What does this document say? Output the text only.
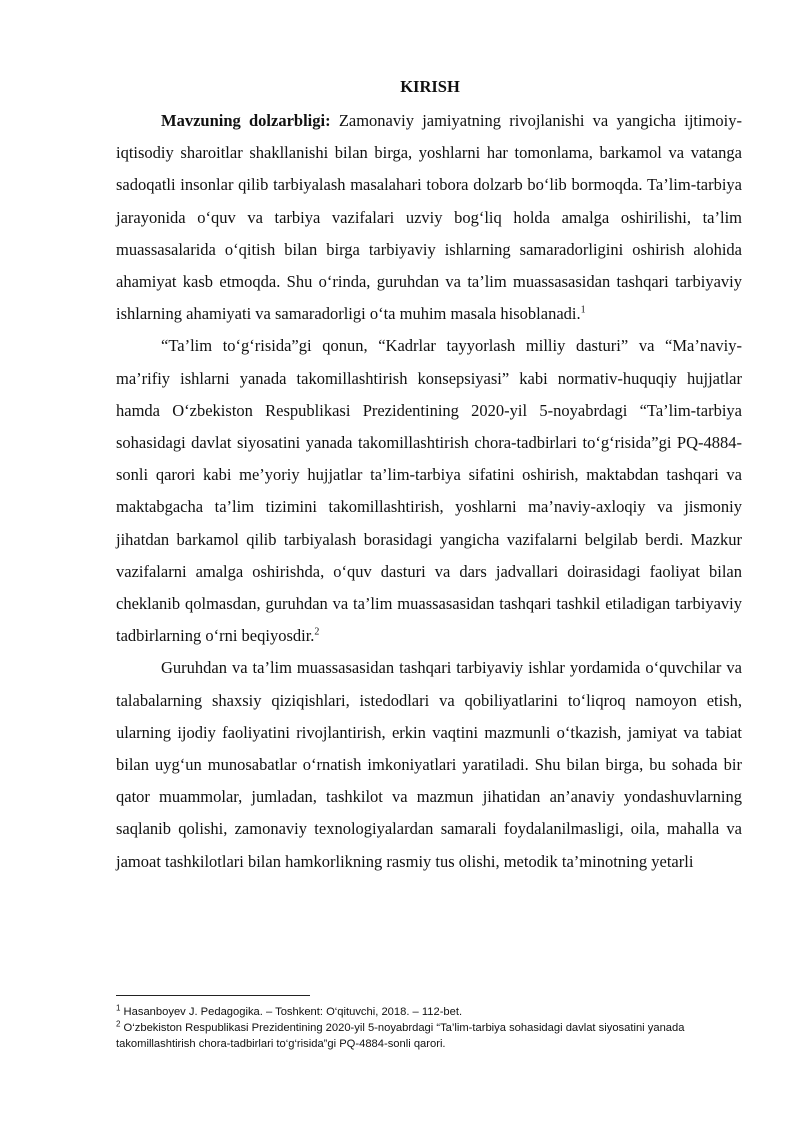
KIRISH

Mavzuning dolzarbligi: Zamonaviy jamiyatning rivojlanishi va yangicha ijtimoiy-iqtisodiy sharoitlar shakllanishi bilan birga, yoshlarni har tomonlama, barkamol va vatanga sadoqatli insonlar qilib tarbiyalash masalahari tobora dolzarb bo‘lib bormoqda. Ta’lim-tarbiya jarayonida o‘quv va tarbiya vazifalari uzviy bog‘liq holda amalga oshirilishi, ta’lim muassasalarida o‘qitish bilan birga tarbiyaviy ishlarning samaradorligini oshirish alohida ahamiyat kasb etmoqda. Shu o‘rinda, guruhdan va ta’lim muassasasidan tashqari tarbiyaviy ishlarning ahamiyati va samaradorligi o‘ta muhim masala hisoblanadi.$^1$

“Ta’lim to‘g‘risida”gi qonun, “Kadrlar tayyorlash milliy dasturi” va “Ma’naviy-ma’rifiy ishlarni yanada takomillashtirish konsepsiyasi” kabi normativ-huquqiy hujjatlar hamda O‘zbekiston Respublikasi Prezidentining 2020-yil 5-noyabrdagi “Ta’lim-tarbiya sohasidagi davlat siyosatini yanada takomillashtirish chora-tadbirlari to‘g‘risida”gi PQ-4884-sonli qarori kabi me’yoriy hujjatlar ta’lim-tarbiya sifatini oshirish, maktabdan tashqari va maktabgacha ta’lim tizimini takomillashtirish, yoshlarni ma’naviy-axloqiy va jismoniy jihatdan barkamol qilib tarbiyalash borasidagi yangicha vazifalarni belgilab berdi. Mazkur vazifalarni amalga oshirishda, o‘quv dasturi va dars jadvallari doirasidagi faoliyat bilan cheklanib qolmasdan, guruhdan va ta’lim muassasasidan tashqari tashkil etiladigan tarbiyaviy tadbirlarning o‘rni beqiyosdir.$^2$

Guruhdan va ta’lim muassasasidan tashqari tarbiyaviy ishlar yordamida o‘quvchilar va talabalarning shaxsiy qiziqishlari, istedodlari va qobiliyatlarini to‘liqroq namoyon etish, ularning ijodiy faoliyatini rivojlantirish, erkin vaqtini mazmunli o‘tkazish, jamiyat va tabiat bilan uyg‘un munosabatlar o‘rnatish imkoniyatlari yaratiladi. Shu bilan birga, bu sohada bir qator muammolar, jumladan, tashkilot va mazmun jihatidan an’anaviy yondashuvlarning saqlanib qolishi, zamonaviy texnologiyalardan samarali foydalanilmasligi, oila, mahalla va jamoat tashkilotlari bilan hamkorlikning rasmiy tus olishi, metodik ta’minotning yetarli

$^1$ Hasanboyev J. Pedagogika. – Toshkent: O‘qituvchi, 2018. – 112-bet.

$^2$ O‘zbekiston Respublikasi Prezidentining 2020-yil 5-noyabrdagi “Ta’lim-tarbiya sohasidagi davlat siyosatini yanada takomillashtirish chora-tadbirlari to‘g‘risida”gi PQ-4884-sonli qarori.
